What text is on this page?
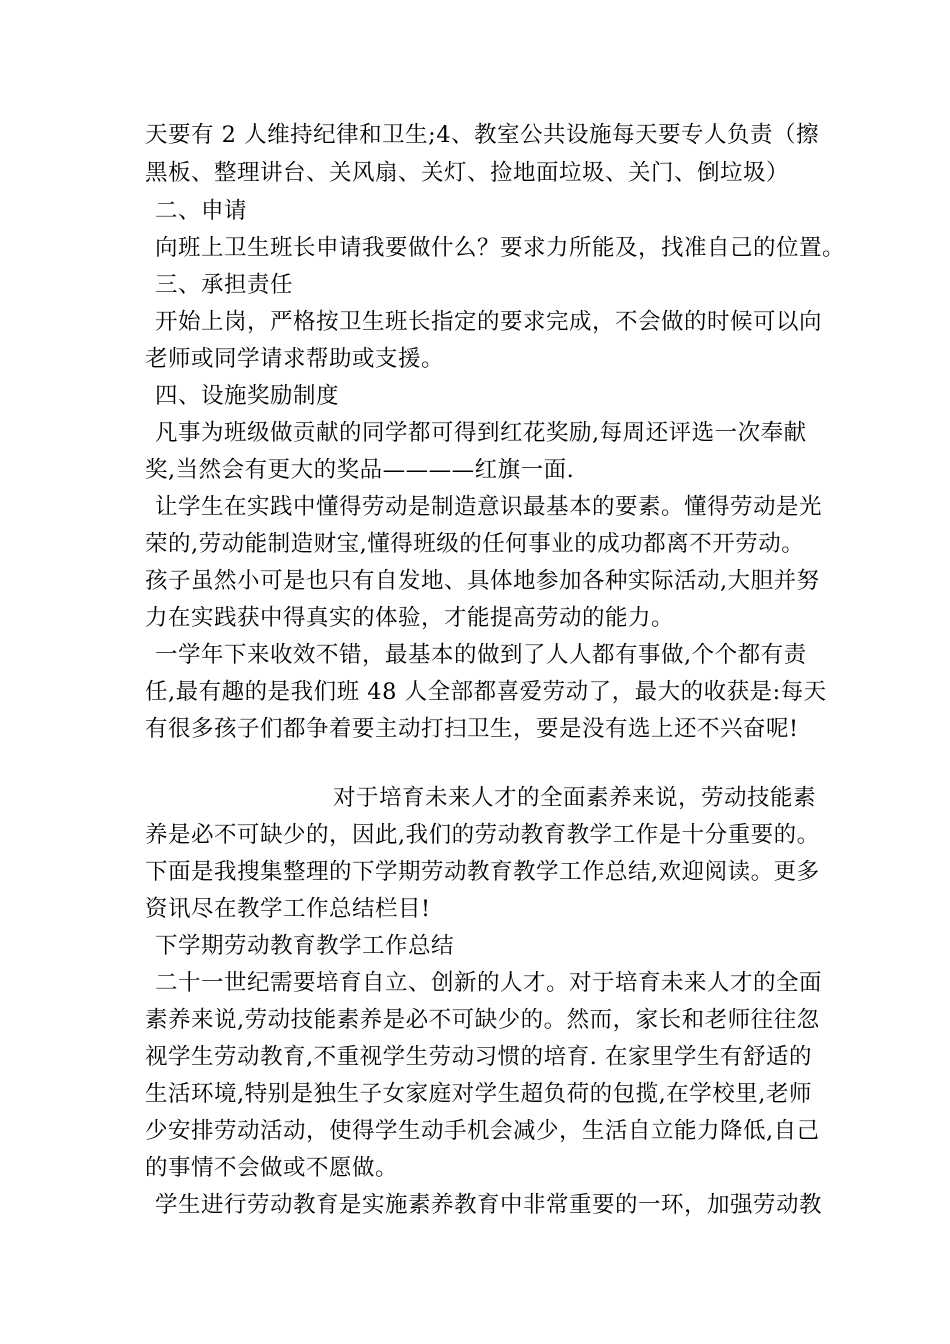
天要有 2 人维持纪律和卫生;4、教室公共设施每天要专人负责（擦
黑板、整理讲台、关风扇、关灯、捡地面垃圾、关门、倒垃圾）
二、申请
向班上卫生班长申请我要做什么？要求力所能及，找准自己的位置。
三、承担责任
开始上岗，严格按卫生班长指定的要求完成，不会做的时候可以向
老师或同学请求帮助或支援。
四、设施奖励制度
凡事为班级做贡献的同学都可得到红花奖励,每周还评选一次奉献
奖,当然会有更大的奖品————红旗一面.
让学生在实践中懂得劳动是制造意识最基本的要素。懂得劳动是光
荣的,劳动能制造财宝,懂得班级的任何事业的成功都离不开劳动。
孩子虽然小可是也只有自发地、具体地参加各种实际活动,大胆并努
力在实践获中得真实的体验，才能提高劳动的能力。
一学年下来收效不错，最基本的做到了人人都有事做,个个都有责
任,最有趣的是我们班 48 人全部都喜爱劳动了，最大的收获是:每天
有很多孩子们都争着要主动打扫卫生，要是没有选上还不兴奋呢!
对于培育未来人才的全面素养来说，劳动技能素
养是必不可缺少的，因此,我们的劳动教育教学工作是十分重要的。
下面是我搜集整理的下学期劳动教育教学工作总结,欢迎阅读。更多
资讯尽在教学工作总结栏目!
下学期劳动教育教学工作总结
二十一世纪需要培育自立、创新的人才。对于培育未来人才的全面
素养来说,劳动技能素养是必不可缺少的。然而，家长和老师往往忽
视学生劳动教育,不重视学生劳动习惯的培育. 在家里学生有舒适的
生活环境,特别是独生子女家庭对学生超负荷的包揽,在学校里,老师
少安排劳动活动，使得学生动手机会减少，生活自立能力降低,自己
的事情不会做或不愿做。
学生进行劳动教育是实施素养教育中非常重要的一环，加强劳动教
